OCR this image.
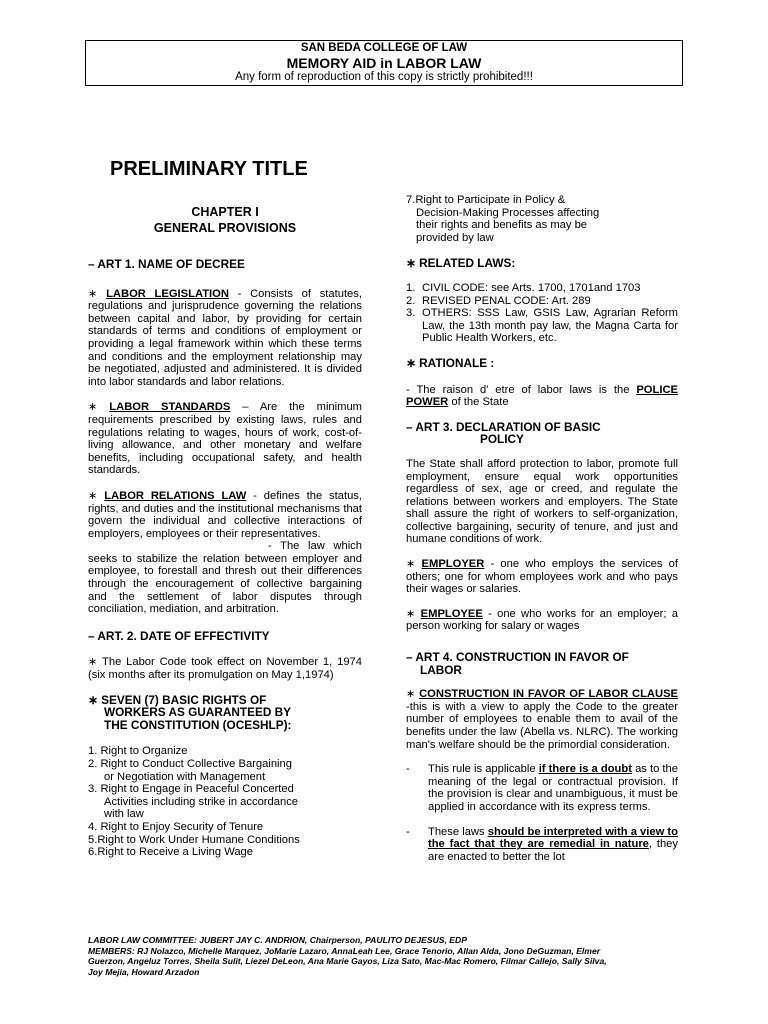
SAN BEDA COLLEGE OF LAW
MEMORY AID in LABOR LAW
Any form of reproduction of this copy is strictly prohibited!!!
PRELIMINARY TITLE
CHAPTER I
GENERAL PROVISIONS
– ART 1. NAME OF DECREE

∗ LABOR LEGISLATION - Consists of statutes, regulations and jurisprudence governing the relations between capital and labor, by providing for certain standards of terms and conditions of employment or providing a legal framework within which these terms and conditions and the employment relationship may be negotiated, adjusted and administered. It is divided into labor standards and labor relations.

∗ LABOR STANDARDS – Are the minimum requirements prescribed by existing laws, rules and regulations relating to wages, hours of work, cost-of-living allowance, and other monetary and welfare benefits, including occupational safety, and health standards.

∗ LABOR RELATIONS LAW - defines the status, rights, and duties and the institutional mechanisms that govern the individual and collective interactions of employers, employees or their representatives.

- The law which seeks to stabilize the relation between employer and employee, to forestall and thresh out their differences through the encouragement of collective bargaining and the settlement of labor disputes through conciliation, mediation, and arbitration.

– ART. 2. DATE OF EFFECTIVITY

∗ The Labor Code took effect on November 1, 1974 (six months after its promulgation on May 1,1974)

∗ SEVEN (7) BASIC RIGHTS OF
WORKERS AS GUARANTEED BY
THE CONSTITUTION (OCESHLP):
1. Right to Organize
2. Right to Conduct Collective Bargaining
or Negotiation with Management
3. Right to Engage in Peaceful Concerted
Activities including strike in accordance
with law
4. Right to Enjoy Security of Tenure
5.Right to Work Under Humane Conditions
6.Right to Receive a Living Wage
7.Right to Participate in Policy &
Decision-Making Processes affecting
their rights and benefits as may be
provided by law
∗ RELATED LAWS:
1. CIVIL CODE: see Arts. 1700, 1701and 1703
2. REVISED PENAL CODE: Art. 289
3. OTHERS: SSS Law, GSIS Law, Agrarian Reform Law, the 13th month pay law, the Magna Carta for Public Health Workers, etc.
∗ RATIONALE :

- The raison d' etre of labor laws is the POLICE POWER of the State

– ART 3. DECLARATION OF BASIC
POLICY

The State shall afford protection to labor, promote full employment, ensure equal work opportunities regardless of sex, age or creed, and regulate the relations between workers and employers. The State shall assure the right of workers to self-organization, collective bargaining, security of tenure, and just and humane conditions of work.

∗ EMPLOYER - one who employs the services of others; one for whom employees work and who pays their wages or salaries.

∗ EMPLOYEE - one who works for an employer; a person working for salary or wages

– ART 4. CONSTRUCTION IN FAVOR OF
LABOR

∗ CONSTRUCTION IN FAVOR OF LABOR CLAUSE -this is with a view to apply the Code to the greater number of employees to enable them to avail of the benefits under the law (Abella vs. NLRC). The working man's welfare should be the primordial consideration.

-	This rule is applicable if there is a doubt as to the meaning of the legal or contractual provision. If the provision is clear and unambiguous, it must be applied in accordance with its express terms.
-	These laws should be interpreted with a view to the fact that they are remedial in nature, they are enacted to better the lot
LABOR LAW COMMITTEE: JUBERT JAY C. ANDRION, Chairperson, PAULITO DEJESUS, EDP
MEMBERS: RJ Nolazco, Michelle Marquez, JoMarie Lazaro, AnnaLeah Lee, Grace Tenorio, Allan Alda, Jono DeGuzman, Elmer
Guerzon, Angeluz Torres, Sheila Sulit, Liezel DeLeon, Ana Marie Gayos, Liza Sato, Mac-Mac Romero, Filmar Callejo, Sally Silva,
Joy Mejia, Howard Arzadon
